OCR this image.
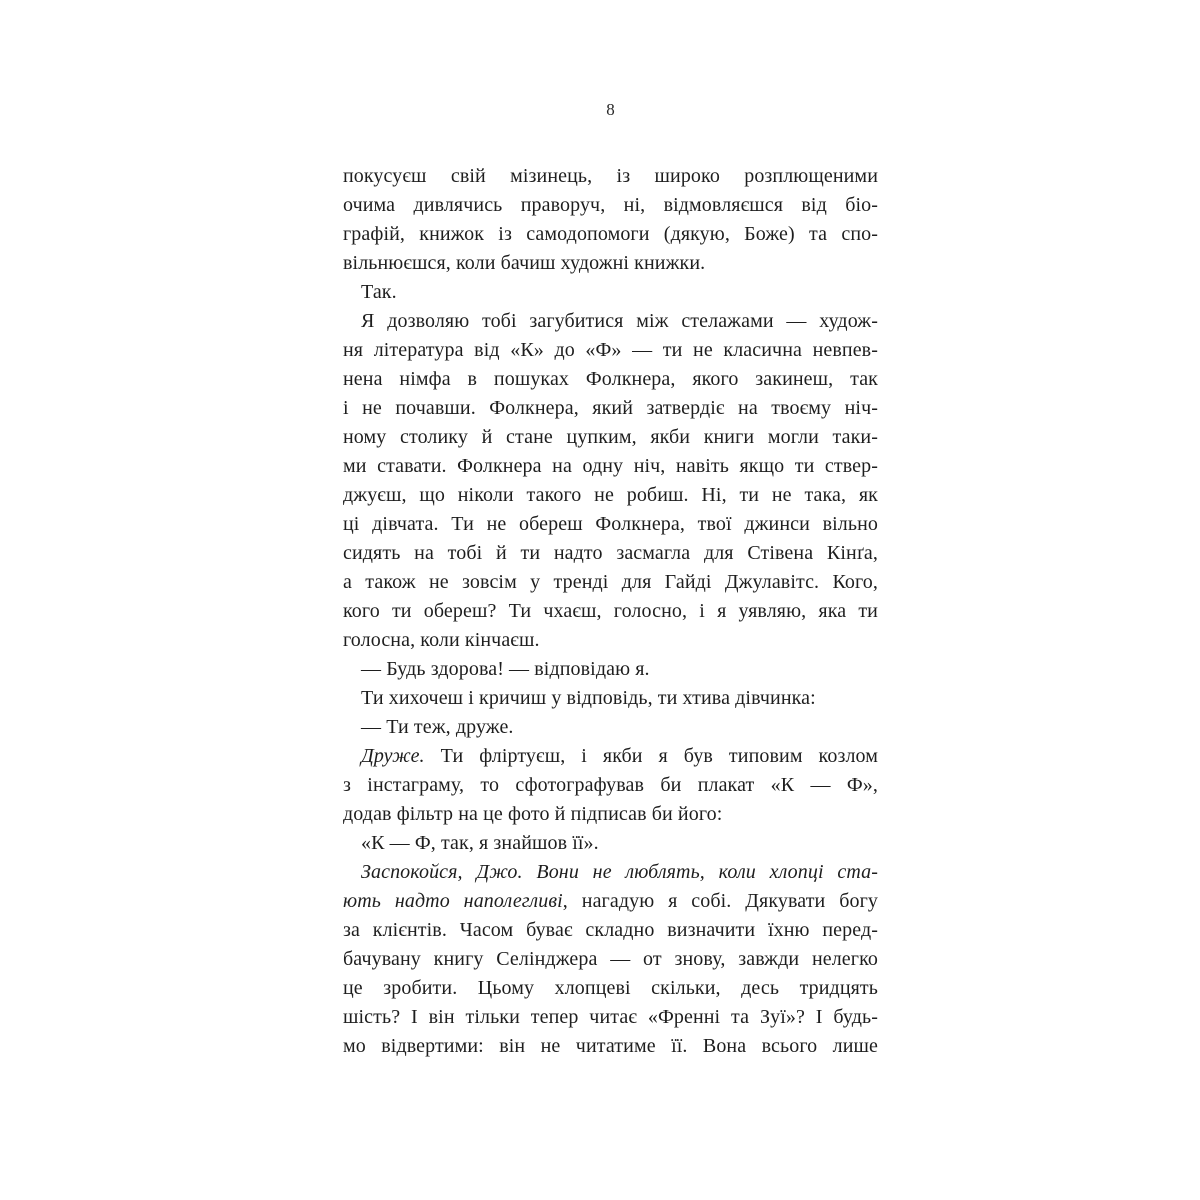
8
покусуєш свій мізинець, із широко розплющеними
очима дивлячись праворуч, ні, відмовляєшся від біо-
графій, книжок із самодопомоги (дякую, Боже) та спо-
вільнюєшся, коли бачиш художні книжки.
Так.
Я дозволяю тобі загубитися між стелажами — худож-
ня література від «К» до «Ф» — ти не класична невпев-
нена німфа в пошуках Фолкнера, якого закинеш, так
і не почавши. Фолкнера, який затвердіє на твоєму ніч-
ному столику й стане цупким, якби книги могли таки-
ми ставати. Фолкнера на одну ніч, навіть якщо ти ствер-
джуєш, що ніколи такого не робиш. Ні, ти не така, як
ці дівчата. Ти не обереш Фолкнера, твої джинси вільно
сидять на тобі й ти надто засмагла для Стівена Кінґа,
а також не зовсім у тренді для Гайді Джулавітс. Кого,
кого ти обереш? Ти чхаєш, голосно, і я уявляю, яка ти
голосна, коли кінчаєш.
— Будь здорова! — відповідаю я.
Ти хихочеш і кричиш у відповідь, ти хтива дівчинка:
— Ти теж, друже.
Друже. Ти фліртуєш, і якби я був типовим козлом
з інстаграму, то сфотографував би плакат «К — Ф»,
додав фільтр на це фото й підписав би його:
«К — Ф, так, я знайшов її».
Заспокойся, Джо. Вони не люблять, коли хлопці ста-
ють надто наполегливі, нагадую я собі. Дякувати богу
за клієнтів. Часом буває складно визначити їхню перед-
бачувану книгу Селінджера — от знову, завжди нелегко
це зробити. Цьому хлопцеві скільки, десь тридцять
шість? І він тільки тепер читає «Френні та Зуї»? І будь-
мо відвертими: він не читатиме її. Вона всього лише
